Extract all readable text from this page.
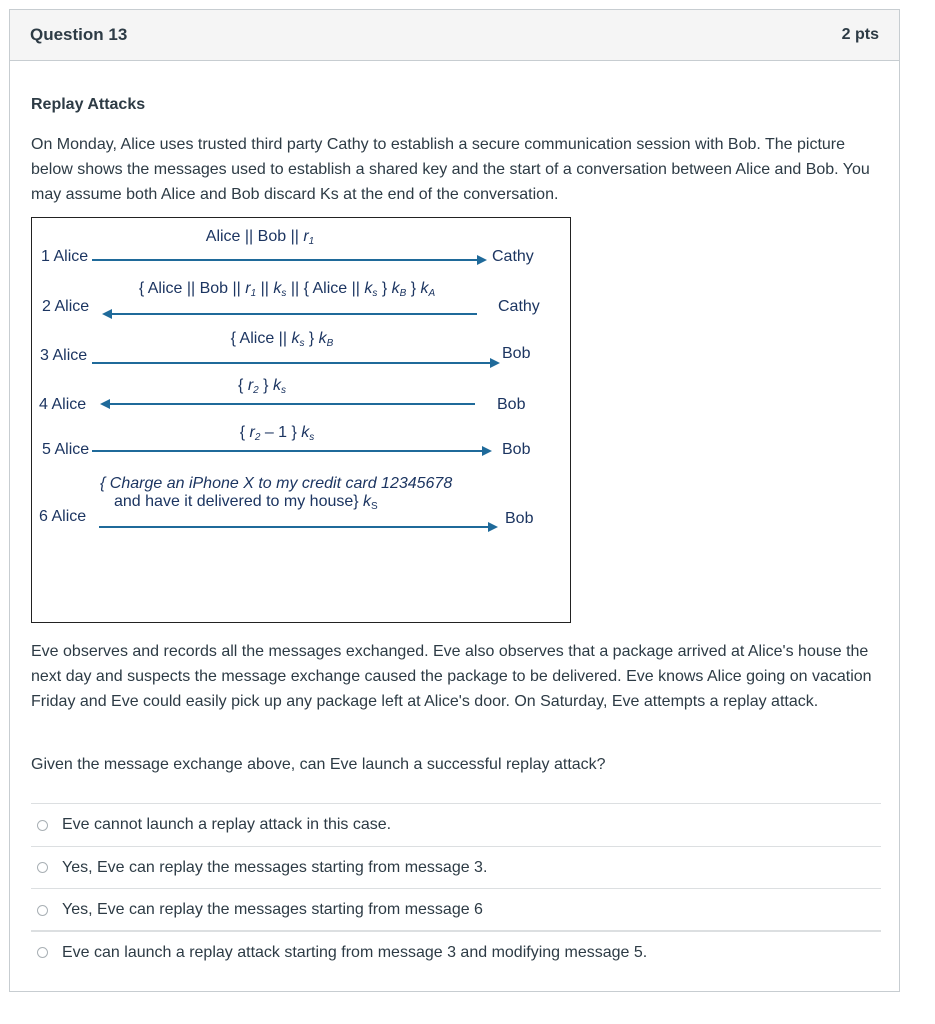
Question 13	2 pts
Replay Attacks
On Monday, Alice uses trusted third party Cathy to establish a secure communication session with Bob. The picture below shows the messages used to establish a shared key and the start of a conversation between Alice and Bob. You may assume both Alice and Bob discard Ks at the end of the conversation.
1 Alice	Cathy
Alice || Bob || $r_1$
2 Alice	Cathy
{ Alice || Bob || $r_1$ || $k_s$ || { Alice || $k_s$ } $k_B$ } $k_A$
3 Alice	Bob
{ Alice || $k_s$ } $k_B$
4 Alice	Bob
{ $r_2$ } $k_s$
5 Alice	Bob
{ $r_2 - 1$ } $k_s$
6 Alice	Bob
{ Charge an iPhone X to my credit card 12345678
and have it delivered to my house} $k_S$
Eve observes and records all the messages exchanged. Eve also observes that a package arrived at Alice's house the next day and suspects the message exchange caused the package to be delivered. Eve knows Alice going on vacation Friday and Eve could easily pick up any package left at Alice's door. On Saturday, Eve attempts a replay attack.
Given the message exchange above, can Eve launch a successful replay attack?
Eve cannot launch a replay attack in this case.
Yes, Eve can replay the messages starting from message 3.
Yes, Eve can replay the messages starting from message 6
Eve can launch a replay attack starting from message 3 and modifying message 5.
